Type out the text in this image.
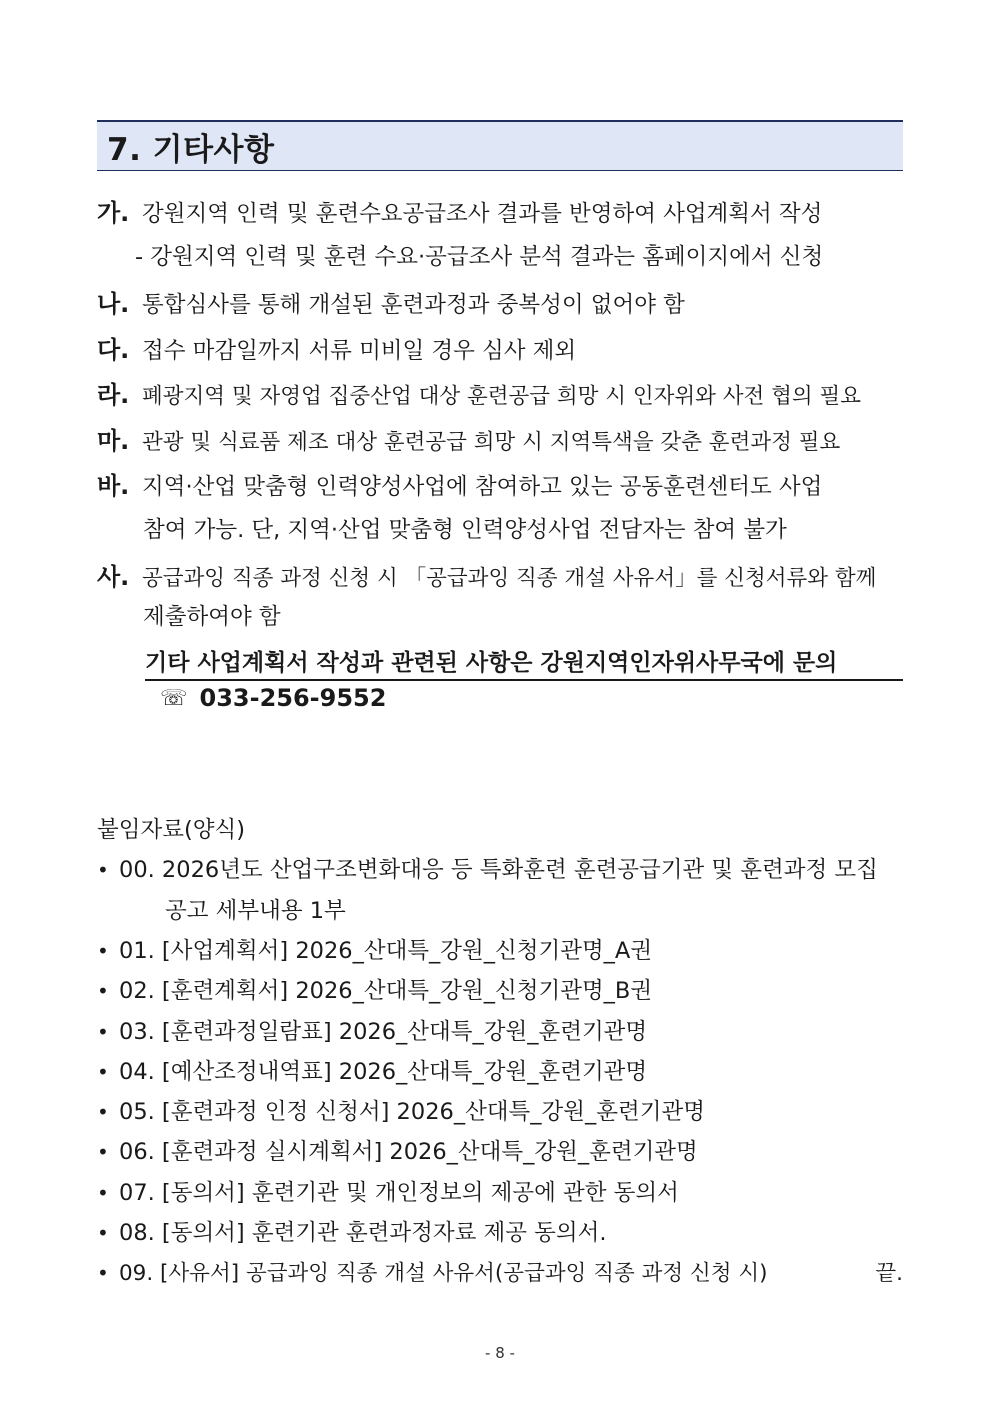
7. 기타사항
가. 강원지역 인력 및 훈련수요공급조사 결과를 반영하여 사업계획서 작성
- 강원지역 인력 및 훈련 수요·공급조사 분석 결과는 홈페이지에서 신청
나. 통합심사를 통해 개설된 훈련과정과 중복성이 없어야 함
다. 접수 마감일까지 서류 미비일 경우 심사 제외
라. 폐광지역 및 자영업 집중산업 대상 훈련공급 희망 시 인자위와 사전 협의 필요
마. 관광 및 식료품 제조 대상 훈련공급 희망 시 지역특색을 갖춘 훈련과정 필요
바. 지역·산업 맞춤형 인력양성사업에 참여하고 있는 공동훈련센터도 사업
참여 가능. 단, 지역·산업 맞춤형 인력양성사업 전담자는 참여 불가
사. 공급과잉 직종 과정 신청 시 「공급과잉 직종 개설 사유서」를 신청서류와 함께
제출하여야 함
기타 사업계획서 작성과 관련된 사항은 강원지역인자위사무국에 문의
☏ 033-256-9552
붙임자료(양식)
• 00. 2026년도 산업구조변화대응 등 특화훈련 훈련공급기관 및 훈련과정 모집
공고 세부내용 1부
• 01. [사업계획서] 2026_산대특_강원_신청기관명_A권
• 02. [훈련계획서] 2026_산대특_강원_신청기관명_B권
• 03. [훈련과정일람표] 2026_산대특_강원_훈련기관명
• 04. [예산조정내역표] 2026_산대특_강원_훈련기관명
• 05. [훈련과정 인정 신청서] 2026_산대특_강원_훈련기관명
• 06. [훈련과정 실시계획서] 2026_산대특_강원_훈련기관명
• 07. [동의서] 훈련기관 및 개인정보의 제공에 관한 동의서
• 08. [동의서] 훈련기관 훈련과정자료 제공 동의서.
• 09. [사유서] 공급과잉 직종 개설 사유서(공급과잉 직종 과정 신청 시)	끝.
- 8 -
